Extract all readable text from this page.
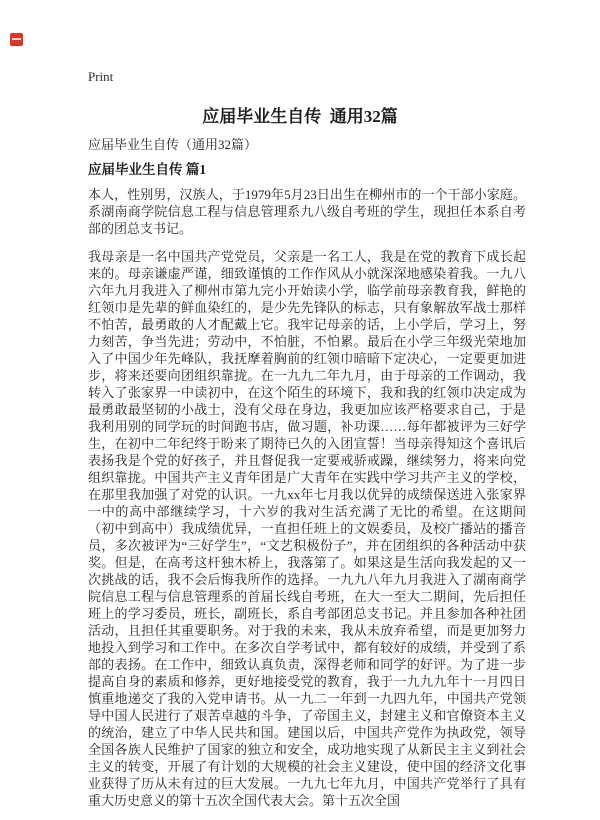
Print
应届毕业生自传  通用32篇
应届毕业生自传（通用32篇）
应届毕业生自传 篇1

本人，性别男，汉族人，于1979年5月23日出生在柳州市的一个干部小家庭。系湖南商学院信息工程与信息管理系九八级自考班的学生，现担任本系自考部的团总支书记。

我母亲是一名中国共产党党员，父亲是一名工人，我是在党的教育下成长起来的。母亲谦虚严谨，细致谨慎的工作作风从小就深深地感染着我。一九八六年九月我进入了柳州市第九完小开始读小学，临学前母亲教育我，鲜艳的红领巾是先辈的鲜血染红的，是少先先锋队的标志，只有象解放军战士那样不怕苦，最勇敢的人才配戴上它。我牢记母亲的话，上小学后，学习上，努力刻苦，争当先进；劳动中，不怕脏，不怕累。最后在小学三年级光荣地加入了中国少年先峰队，我抚摩着胸前的红领巾暗暗下定决心，一定要更加进步，将来还要向团组织靠拢。在一九九二年九月，由于母亲的工作调动，我转入了张家界一中读初中，在这个陌生的环境下，我和我的红领巾决定成为最勇敢最坚韧的小战士，没有父母在身边，我更加应该严格要求自己，于是我利用别的同学玩的时间跑书店，做习题，补功课……每年都被评为三好学生，在初中二年纪终于盼来了期待已久的入团宣誓！当母亲得知这个喜讯后表扬我是个党的好孩子，并且督促我一定要戒骄戒躁，继续努力，将来向党组织靠拢。中国共产主义青年团是广大青年在实践中学习共产主义的学校，在那里我加强了对党的认识。一九xx年七月我以优异的成绩保送进入张家界一中的高中部继续学习，十六岁的我对生活充满了无比的希望。在这期间（初中到高中）我成绩优异，一直担任班上的文娱委员，及校广播站的播音员，多次被评为“三好学生”，“文艺积极份子”，并在团组织的各种活动中获奖。但是，在高考这杆独木桥上，我落第了。如果这是生活向我发起的又一次挑战的话，我不会后悔我所作的选择。一九九八年九月我进入了湖南商学院信息工程与信息管理系的首届长线自考班，在大一至大二期间，先后担任班上的学习委员，班长，副班长，系自考部团总支书记。并且参加各种社团活动，且担任其重要职务。对于我的未来，我从未放弃希望，而是更加努力地投入到学习和工作中。在多次自学考试中，都有较好的成绩，并受到了系部的表扬。在工作中，细致认真负责，深得老师和同学的好评。为了进一步提高自身的素质和修养，更好地接受党的教育，我于一九九九年十一月四日慎重地递交了我的入党申请书。从一九二一年到一九四九年，中国共产党领导中国人民进行了艰苦卓越的斗争，了帝国主义，封建主义和官僚资本主义的统治，建立了中华人民共和国。建国以后，中国共产党作为执政党，领导全国各族人民维护了国家的独立和安全，成功地实现了从新民主主义到社会主义的转变，开展了有计划的大规模的社会主义建设，使中国的经济文化事业获得了历从未有过的巨大发展。一九九七年九月，中国共产党举行了具有重大历史意义的第十五次全国代表大会。第十五次全国
